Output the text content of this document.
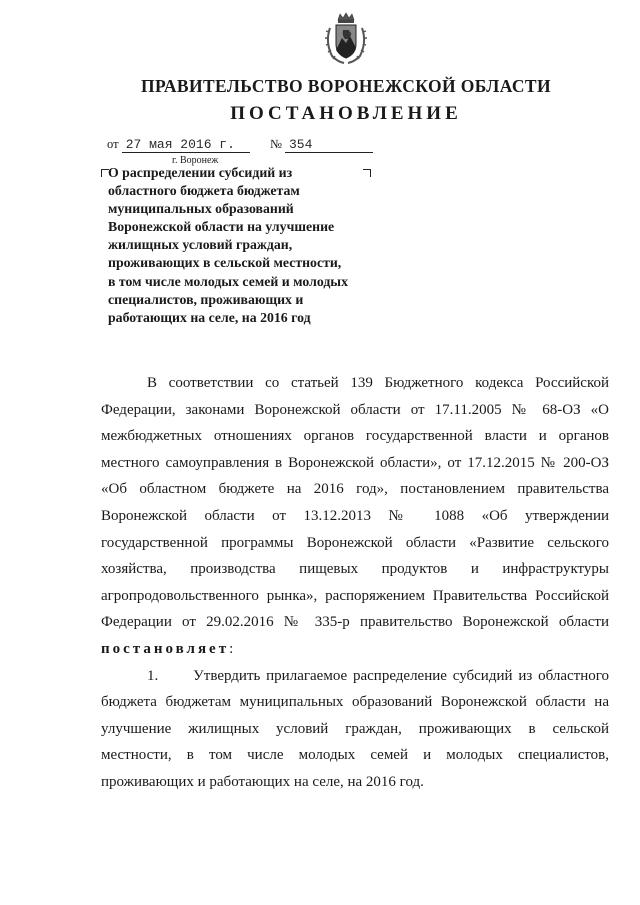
ПРАВИТЕЛЬСТВО ВОРОНЕЖСКОЙ ОБЛАСТИ
ПОСТАНОВЛЕНИЕ
от 27 мая 2016 г.	№ 354
г. Воронеж
О распределении субсидий из
областного бюджета бюджетам
муниципальных образований
Воронежской области на улучшение
жилищных условий граждан,
проживающих в сельской местности,
в том числе молодых семей и молодых
специалистов, проживающих и
работающих на селе, на 2016 год
В соответствии со статьей 139 Бюджетного кодекса Российской
Федерации, законами Воронежской области от 17.11.2005 № 68-ОЗ «О
межбюджетных отношениях органов государственной власти и органов
местного самоуправления в Воронежской области», от 17.12.2015 № 200-ОЗ
«Об областном бюджете на 2016 год», постановлением правительства
Воронежской области от 13.12.2013 № 1088 «Об утверждении
государственной программы Воронежской области «Развитие сельского
хозяйства, производства пищевых продуктов и инфраструктуры
агропродовольственного рынка», распоряжением Правительства Российской
Федерации от 29.02.2016 № 335-р правительство Воронежской области
постановляет:
1. Утвердить прилагаемое распределение субсидий из областного
бюджета бюджетам муниципальных образований Воронежской области на
улучшение жилищных условий граждан, проживающих в сельской
местности, в том числе молодых семей и молодых специалистов,
проживающих и работающих на селе, на 2016 год.
